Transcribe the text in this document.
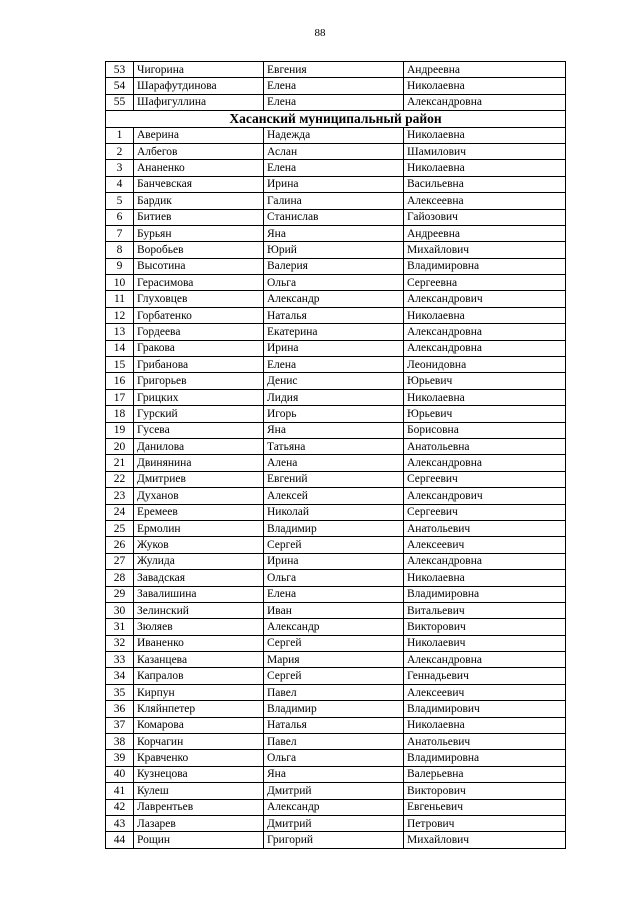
88
53	Чигорина	Евгения	Андреевна
54	Шарафутдинова	Елена	Николаевна
55	Шафигуллина	Елена	Александровна
Хасанский муниципальный район			
1	Аверина	Надежда	Николаевна
2	Албегов	Аслан	Шамилович
3	Ананенко	Елена	Николаевна
4	Банчевская	Ирина	Васильевна
5	Бардик	Галина	Алексеевна
6	Битиев	Станислав	Гайозович
7	Бурьян	Яна	Андреевна
8	Воробьев	Юрий	Михайлович
9	Высотина	Валерия	Владимировна
10	Герасимова	Ольга	Сергеевна
11	Глуховцев	Александр	Александрович
12	Горбатенко	Наталья	Николаевна
13	Гордеева	Екатерина	Александровна
14	Гракова	Ирина	Александровна
15	Грибанова	Елена	Леонидовна
16	Григорьев	Денис	Юрьевич
17	Грицких	Лидия	Николаевна
18	Гурский	Игорь	Юрьевич
19	Гусева	Яна	Борисовна
20	Данилова	Татьяна	Анатольевна
21	Двинянина	Алена	Александровна
22	Дмитриев	Евгений	Сергеевич
23	Духанов	Алексей	Александрович
24	Еремеев	Николай	Сергеевич
25	Ермолин	Владимир	Анатольевич
26	Жуков	Сергей	Алексеевич
27	Жулида	Ирина	Александровна
28	Завадская	Ольга	Николаевна
29	Завалишина	Елена	Владимировна
30	Зелинский	Иван	Витальевич
31	Зюляев	Александр	Викторович
32	Иваненко	Сергей	Николаевич
33	Казанцева	Мария	Александровна
34	Капралов	Сергей	Геннадьевич
35	Кирпун	Павел	Алексеевич
36	Кляйнпетер	Владимир	Владимирович
37	Комарова	Наталья	Николаевна
38	Корчагин	Павел	Анатольевич
39	Кравченко	Ольга	Владимировна
40	Кузнецова	Яна	Валерьевна
41	Кулеш	Дмитрий	Викторович
42	Лаврентьев	Александр	Евгеньевич
43	Лазарев	Дмитрий	Петрович
44	Рощин	Григорий	Михайлович
